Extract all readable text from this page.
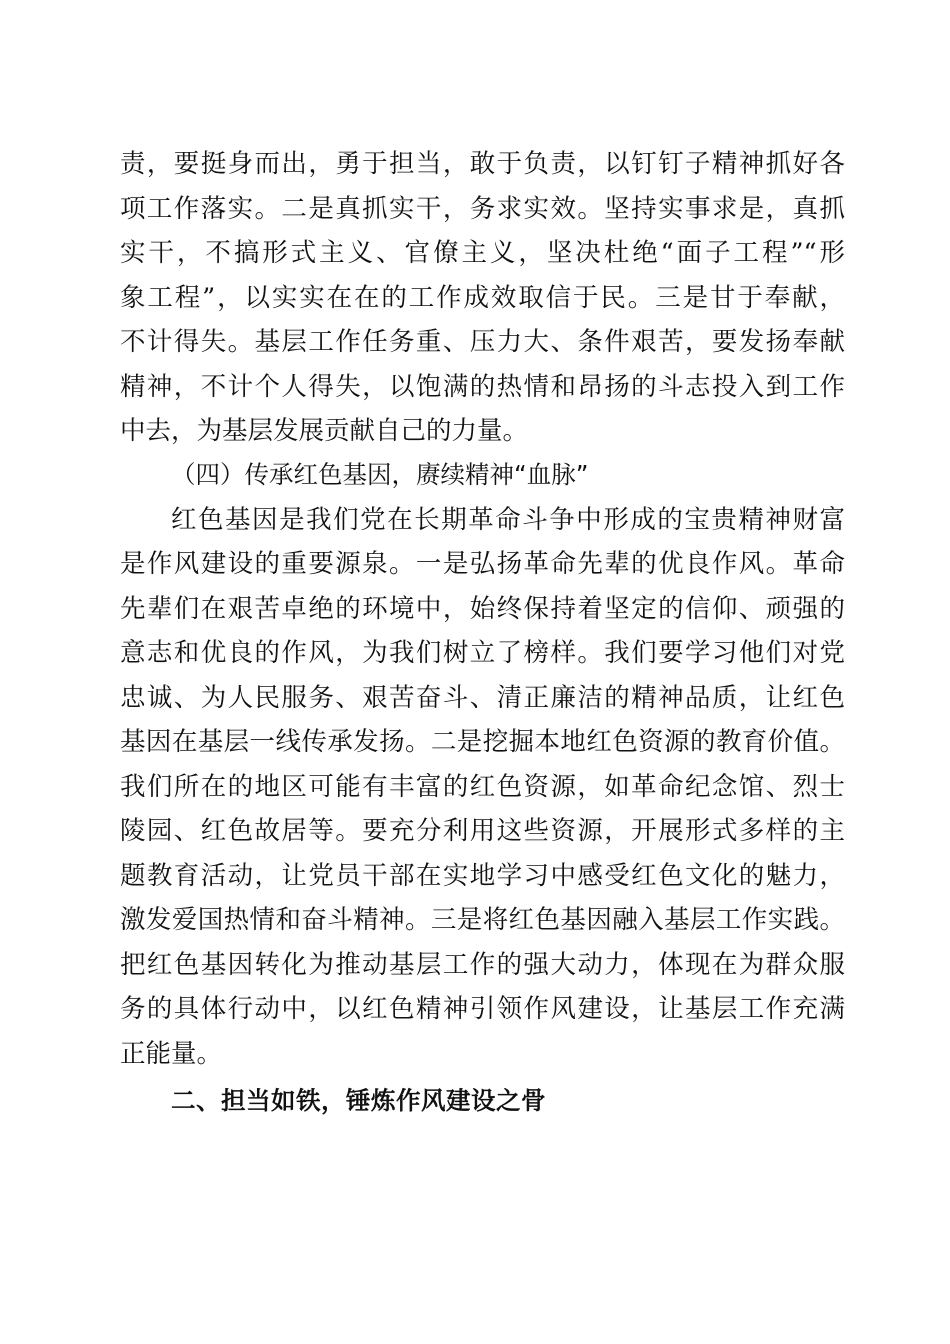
责，要挺身而出，勇于担当，敢于负责，以钉钉子精神抓好各
项工作落实。二是真抓实干，务求实效。坚持实事求是，真抓
实干，不搞形式主义、官僚主义，坚决杜绝“面子工程”“形
象工程”，以实实在在的工作成效取信于民。三是甘于奉献，
不计得失。基层工作任务重、压力大、条件艰苦，要发扬奉献
精神，不计个人得失，以饱满的热情和昂扬的斗志投入到工作
中去，为基层发展贡献自己的力量。
（四）传承红色基因，赓续精神“血脉”
红色基因是我们党在长期革命斗争中形成的宝贵精神财富
是作风建设的重要源泉。一是弘扬革命先辈的优良作风。革命
先辈们在艰苦卓绝的环境中，始终保持着坚定的信仰、顽强的
意志和优良的作风，为我们树立了榜样。我们要学习他们对党
忠诚、为人民服务、艰苦奋斗、清正廉洁的精神品质，让红色
基因在基层一线传承发扬。二是挖掘本地红色资源的教育价值。
我们所在的地区可能有丰富的红色资源，如革命纪念馆、烈士
陵园、红色故居等。要充分利用这些资源，开展形式多样的主
题教育活动，让党员干部在实地学习中感受红色文化的魅力，
激发爱国热情和奋斗精神。三是将红色基因融入基层工作实践。
把红色基因转化为推动基层工作的强大动力，体现在为群众服
务的具体行动中，以红色精神引领作风建设，让基层工作充满
正能量。
二、担当如铁，锤炼作风建设之骨
